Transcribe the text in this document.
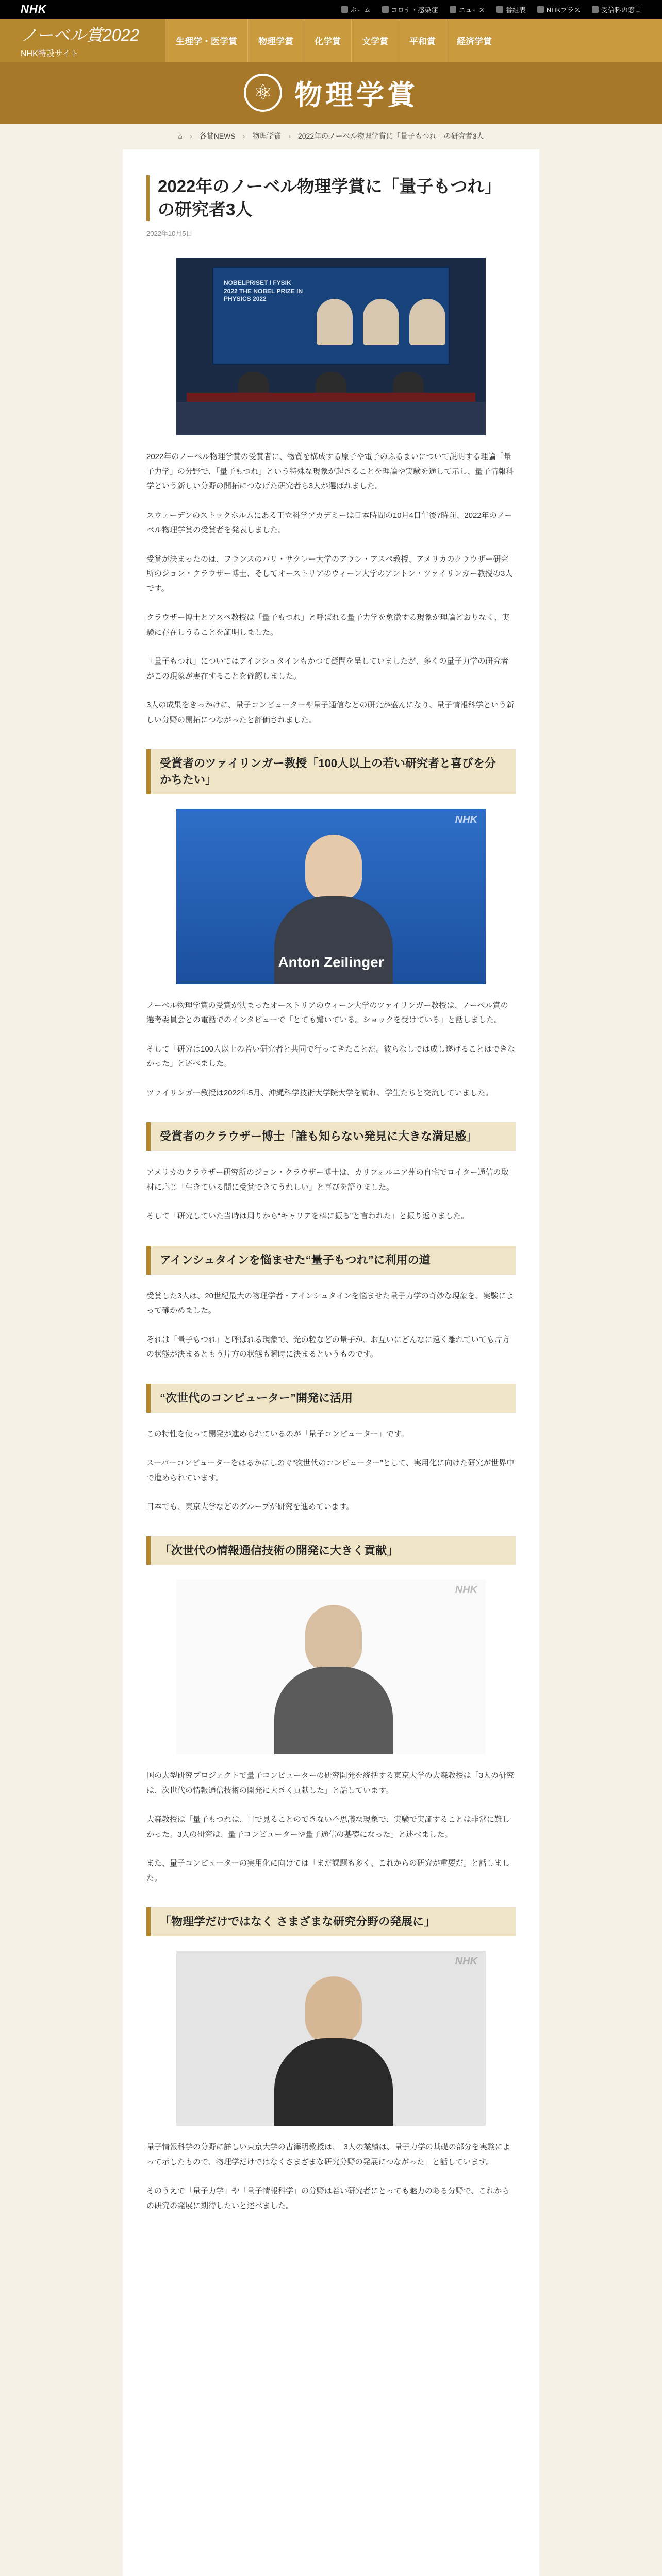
NHK	ホーム	コロナ・感染症	ニュース	番組表	NHKプラス	受信料の窓口
ノーベル賞2022
NHK特設サイト
生理学・医学賞	物理学賞	化学賞	文学賞	平和賞	経済学賞
⚛ 物理学賞
⌂ › 各賞NEWS › 物理学賞 › 2022年のノーベル物理学賞に「量子もつれ」の研究者3人
2022年のノーベル物理学賞に「量子もつれ」の研究者3人
2022年10月5日
NOBELPRISET I FYSIK 2022 THE NOBEL PRIZE IN PHYSICS 2022

2022年のノーベル物理学賞の受賞者に、物質を構成する原子や電子のふるまいについて説明する理論「量子力学」の分野で、「量子もつれ」という特殊な現象が起きることを理論や実験を通して示し、量子情報科学という新しい分野の開拓につなげた研究者ら3人が選ばれました。

スウェーデンのストックホルムにある王立科学アカデミーは日本時間の10月4日午後7時前、2022年のノーベル物理学賞の受賞者を発表しました。

受賞が決まったのは、フランスのパリ・サクレー大学のアラン・アスペ教授、アメリカのクラウザー研究所のジョン・クラウザー博士、そしてオーストリアのウィーン大学のアントン・ツァイリンガー教授の3人です。

クラウザー博士とアスペ教授は「量子もつれ」と呼ばれる量子力学を象徴する現象が理論どおりなく、実験に存在しうることを証明しました。

「量子もつれ」についてはアインシュタインもかつて疑問を呈していましたが、多くの量子力学の研究者がこの現象が実在することを確認しました。

3人の成果をきっかけに、量子コンピューターや量子通信などの研究が盛んになり、量子情報科学という新しい分野の開拓につながったと評価されました。

受賞者のツァイリンガー教授「100人以上の若い研究者と喜びを分かちたい」
NHK
Anton Zeilinger

ノーベル物理学賞の受賞が決まったオーストリアのウィーン大学のツァイリンガー教授は、ノーベル賞の選考委員会との電話でのインタビューで「とても驚いている。ショックを受けている」と話しました。

そして「研究は100人以上の若い研究者と共同で行ってきたことだ。彼らなしでは成し遂げることはできなかった」と述べました。

ツァイリンガー教授は2022年5月、沖縄科学技術大学院大学を訪れ、学生たちと交流していました。

受賞者のクラウザー博士「誰も知らない発見に大きな満足感」

アメリカのクラウザー研究所のジョン・クラウザー博士は、カリフォルニア州の自宅でロイター通信の取材に応じ「生きている間に受賞できてうれしい」と喜びを語りました。

そして「研究していた当時は周りから“キャリアを棒に振る”と言われた」と振り返りました。

アインシュタインを悩ませた“量子もつれ”に利用の道

受賞した3人は、20世紀最大の物理学者・アインシュタインを悩ませた量子力学の奇妙な現象を、実験によって確かめました。

それは「量子もつれ」と呼ばれる現象で、光の粒などの量子が、お互いにどんなに遠く離れていても片方の状態が決まるともう片方の状態も瞬時に決まるというものです。

“次世代のコンピューター”開発に活用

この特性を使って開発が進められているのが「量子コンピューター」です。

スーパーコンピューターをはるかにしのぐ“次世代のコンピューター”として、実用化に向けた研究が世界中で進められています。

日本でも、東京大学などのグループが研究を進めています。

「次世代の情報通信技術の開発に大きく貢献」
NHK

国の大型研究プロジェクトで量子コンピューターの研究開発を統括する東京大学の大森教授は「3人の研究は、次世代の情報通信技術の開発に大きく貢献した」と話しています。

大森教授は「量子もつれは、目で見ることのできない不思議な現象で、実験で実証することは非常に難しかった。3人の研究は、量子コンピューターや量子通信の基礎になった」と述べました。

また、量子コンピューターの実用化に向けては「まだ課題も多く、これからの研究が重要だ」と話しました。

「物理学だけではなく さまざまな研究分野の発展に」
NHK

量子情報科学の分野に詳しい東京大学の古澤明教授は、「3人の業績は、量子力学の基礎の部分を実験によって示したもので、物理学だけではなくさまざまな研究分野の発展につながった」と話しています。

そのうえで「量子力学」や「量子情報科学」の分野は若い研究者にとっても魅力のある分野で、これからの研究の発展に期待したいと述べました。
